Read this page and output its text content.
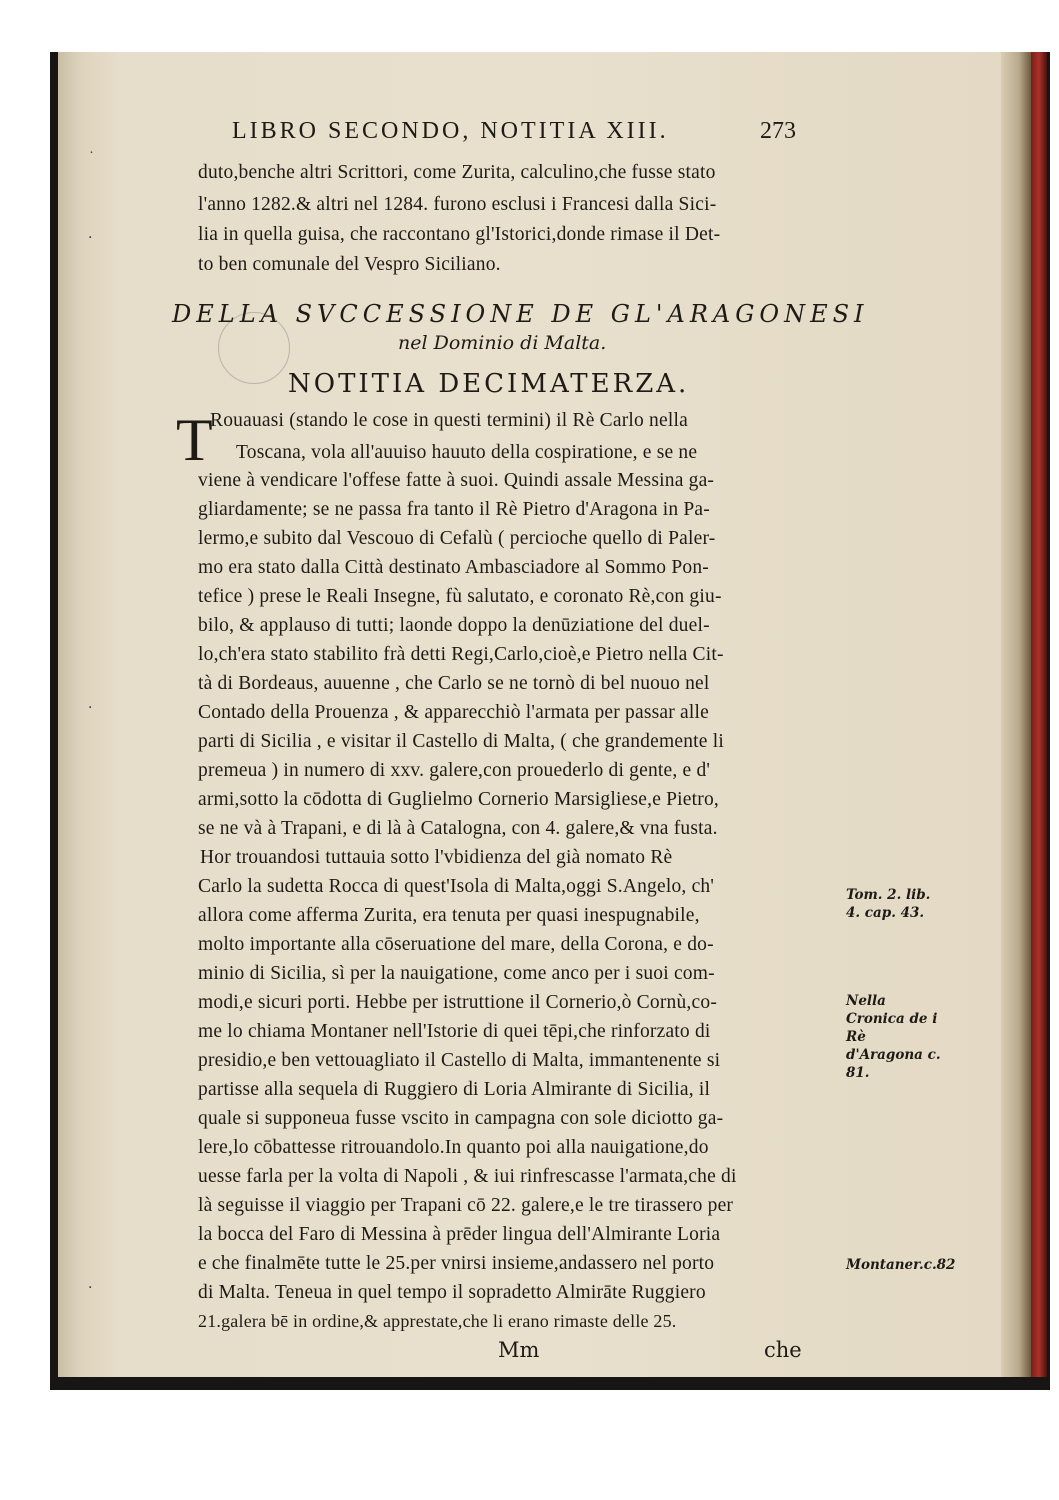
˙
·
·
·
LIBRO SECONDO, NOTITIA XIII.	273
duto,benche altri Scrittori, come Zurita, calculino,che fusse stato
l'anno 1282.& altri nel 1284. furono esclusi i Francesi dalla Sici-
lia in quella guisa, che raccontano gl'Istorici,donde rimase il Det-
to ben comunale del Vespro Siciliano.
DELLA SVCCESSIONE DE GL'ARAGONESI
nel Dominio di Malta.
NOTITIA DECIMATERZA.
T
Rouauasi (stando le cose in questi termini) il Rè Carlo nella
Toscana, vola all'auuiso hauuto della cospiratione, e se ne
viene à vendicare l'offese fatte à suoi. Quindi assale Messina ga-
gliardamente; se ne passa fra tanto il Rè Pietro d'Aragona in Pa-
lermo,e subito dal Vescouo di Cefalù ( percioche quello di Paler-
mo era stato dalla Città destinato Ambasciadore al Sommo Pon-
tefice ) prese le Reali Insegne, fù salutato, e coronato Rè,con giu-
bilo, & applauso di tutti; laonde doppo la denūziatione del duel-
lo,ch'era stato stabilito frà detti Regi,Carlo,cioè,e Pietro nella Cit-
tà di Bordeaus, auuenne , che Carlo se ne tornò di bel nuouo nel
Contado della Prouenza , & apparecchiò l'armata per passar alle
parti di Sicilia , e visitar il Castello di Malta, ( che grandemente li
premeua ) in numero di xxv. galere,con prouederlo di gente, e d'
armi,sotto la cōdotta di Guglielmo Cornerio Marsigliese,e Pietro,
se ne và à Trapani, e di là à Catalogna, con 4. galere,& vna fusta.
Hor trouandosi tuttauia sotto l'vbidienza del già nomato Rè
Carlo la sudetta Rocca di quest'Isola di Malta,oggi S.Angelo, ch'
allora come afferma Zurita, era tenuta per quasi inespugnabile,
molto importante alla cōseruatione del mare, della Corona, e do-
minio di Sicilia, sì per la nauigatione, come anco per i suoi com-
modi,e sicuri porti. Hebbe per istruttione il Cornerio,ò Cornù,co-
me lo chiama Montaner nell'Istorie di quei tēpi,che rinforzato di
presidio,e ben vettouagliato il Castello di Malta, immantenente si
partisse alla sequela di Ruggiero di Loria Almirante di Sicilia, il
quale si supponeua fusse vscito in campagna con sole diciotto ga-
lere,lo cōbattesse ritrouandolo.In quanto poi alla nauigatione,do
uesse farla per la volta di Napoli , & iui rinfrescasse l'armata,che di
là seguisse il viaggio per Trapani cō 22. galere,e le tre tirassero per
la bocca del Faro di Messina à prēder lingua dell'Almirante Loria
e che finalmēte tutte le 25.per vnirsi insieme,andassero nel porto
di Malta. Teneua in quel tempo il sopradetto Almirāte Ruggiero
21.galera bē in ordine,& apprestate,che li erano rimaste delle 25.
Tom. 2. lib. 4. cap. 43.
Nella Cronica de i Rè d'Aragona c. 81.
Montaner.c.82
Mm	che
